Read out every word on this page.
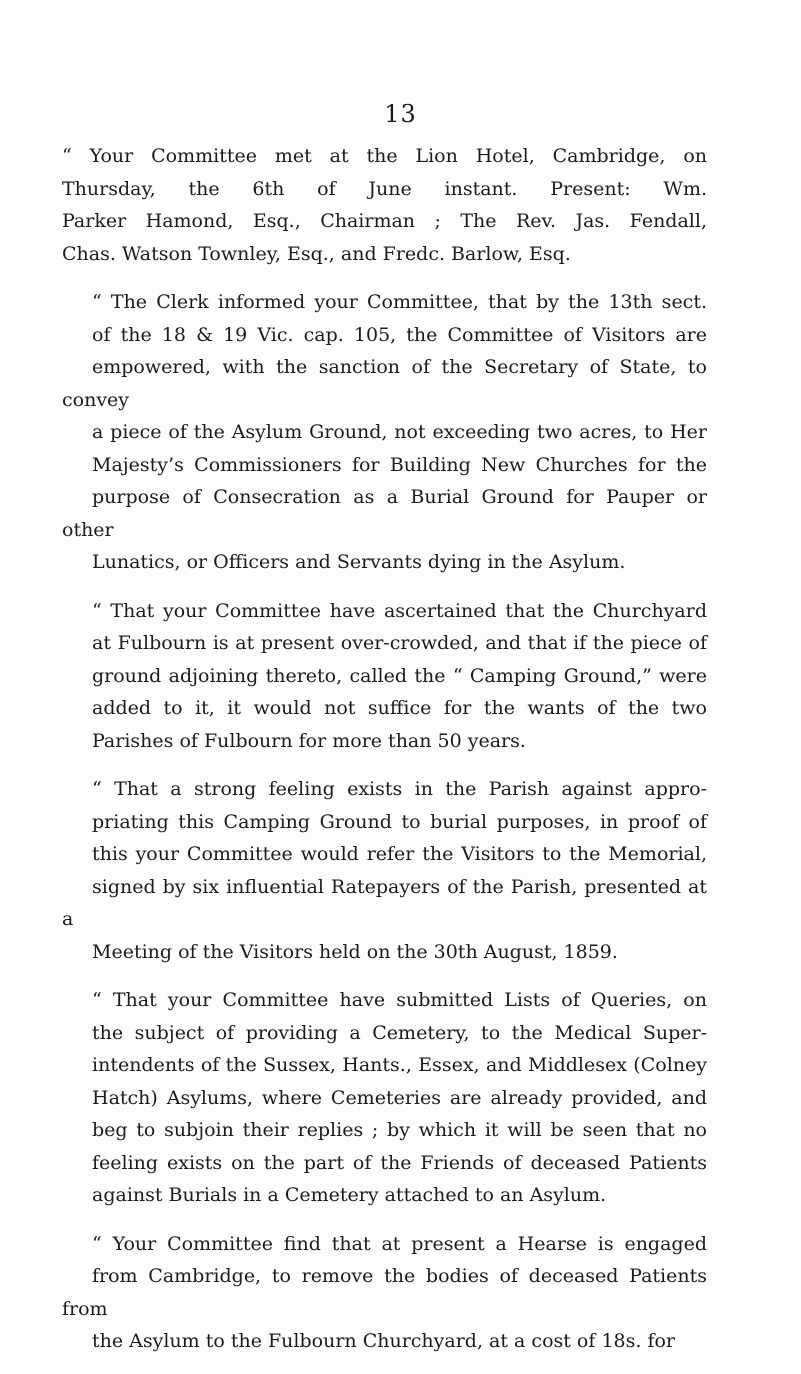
13
“ Your Committee met at the Lion Hotel, Cambridge, on
Thursday, the 6th of June instant. Present: Wm.
Parker Hamond, Esq., Chairman ; The Rev. Jas. Fendall,
Chas. Watson Townley, Esq., and Fredc. Barlow, Esq.
“ The Clerk informed your Committee, that by the 13th sect.
of the 18 & 19 Vic. cap. 105, the Committee of Visitors are
empowered, with the sanction of the Secretary of State, to convey
a piece of the Asylum Ground, not exceeding two acres, to Her
Majesty’s Commissioners for Building New Churches for the
purpose of Consecration as a Burial Ground for Pauper or other
Lunatics, or Officers and Servants dying in the Asylum.
“ That your Committee have ascertained that the Churchyard
at Fulbourn is at present over-crowded, and that if the piece of
ground adjoining thereto, called the “ Camping Ground,” were
added to it, it would not suffice for the wants of the two
Parishes of Fulbourn for more than 50 years.
“ That a strong feeling exists in the Parish against appro-
priating this Camping Ground to burial purposes, in proof of
this your Committee would refer the Visitors to the Memorial,
signed by six influential Ratepayers of the Parish, presented at a
Meeting of the Visitors held on the 30th August, 1859.
“ That your Committee have submitted Lists of Queries, on
the subject of providing a Cemetery, to the Medical Super-
intendents of the Sussex, Hants., Essex, and Middlesex (Colney
Hatch) Asylums, where Cemeteries are already provided, and
beg to subjoin their replies ; by which it will be seen that no
feeling exists on the part of the Friends of deceased Patients
against Burials in a Cemetery attached to an Asylum.
“ Your Committee find that at present a Hearse is engaged
from Cambridge, to remove the bodies of deceased Patients from
the Asylum to the Fulbourn Churchyard, at a cost of 18s. for
